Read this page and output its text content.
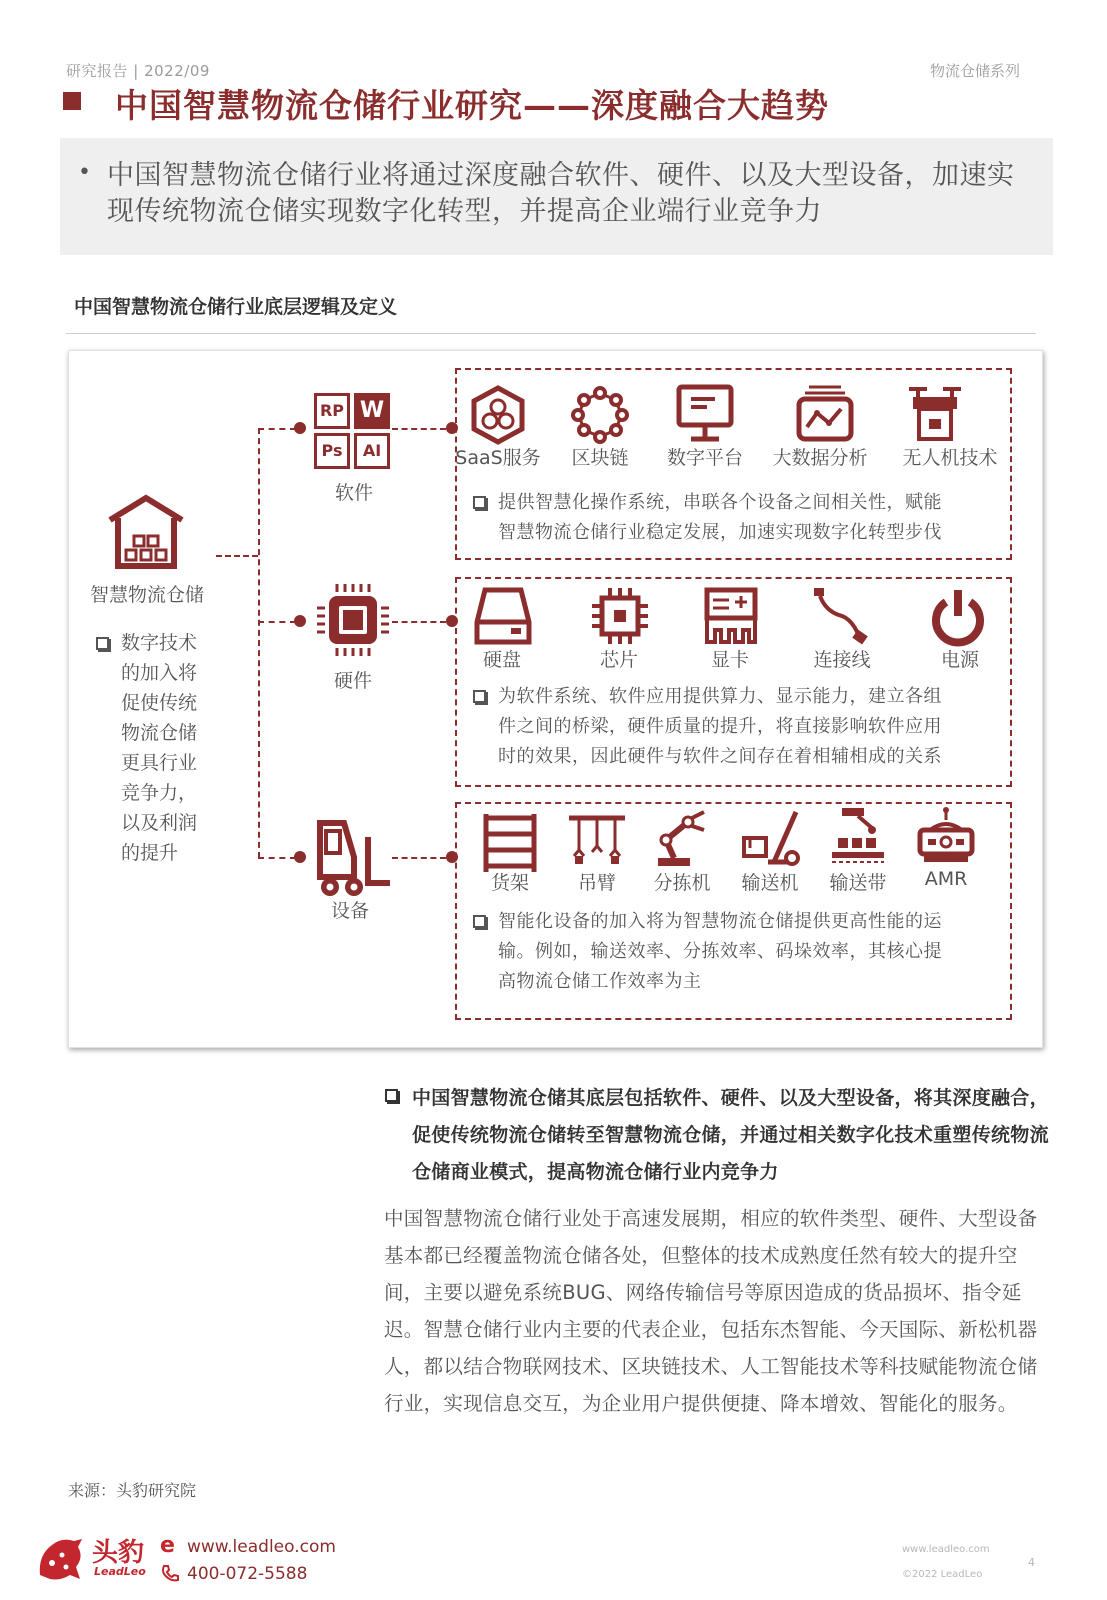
研究报告 | 2022/09	物流仓储系列
中国智慧物流仓储行业研究——深度融合大趋势
• 中国智慧物流仓储行业将通过深度融合软件、硬件、以及大型设备，加速实现传统物流仓储实现数字化转型，并提高企业端行业竞争力
中国智慧物流仓储行业底层逻辑及定义
智慧物流仓储
数字技术
的加入将
促使传统
物流仓储
更具行业
竞争力，
以及利润
的提升
RP W
Ps	AI
软件
硬件
设备
SaaS服务	区块链	数字平台	大数据分析	无人机技术
提供智慧化操作系统，串联各个设备之间相关性，赋能
智慧物流仓储行业稳定发展，加速实现数字化转型步伐
硬盘	芯片	显卡	连接线	电源
为软件系统、软件应用提供算力、显示能力，建立各组
件之间的桥梁，硬件质量的提升，将直接影响软件应用
时的效果，因此硬件与软件之间存在着相辅相成的关系
货架	吊臂	分拣机	输送机	输送带	AMR
智能化设备的加入将为智慧物流仓储提供更高性能的运
输。例如，输送效率、分拣效率、码垛效率，其核心提
高物流仓储工作效率为主
中国智慧物流仓储其底层包括软件、硬件、以及大型设备，将其深度融合，促使传统物流仓储转至智慧物流仓储，并通过相关数字化技术重塑传统物流仓储商业模式，提高物流仓储行业内竞争力
中国智慧物流仓储行业处于高速发展期，相应的软件类型、硬件、大型设备基本都已经覆盖物流仓储各处，但整体的技术成熟度任然有较大的提升空间，主要以避免系统BUG、网络传输信号等原因造成的货品损坏、指令延迟。智慧仓储行业内主要的代表企业，包括东杰智能、今天国际、新松机器人，都以结合物联网技术、区块链技术、人工智能技术等科技赋能物流仓储行业，实现信息交互，为企业用户提供便捷、降本增效、智能化的服务。
来源：头豹研究院
头豹
LeadLeo
e www.leadleo.com
400-072-5588
www.leadleo.com
©2022 LeadLeo
4
